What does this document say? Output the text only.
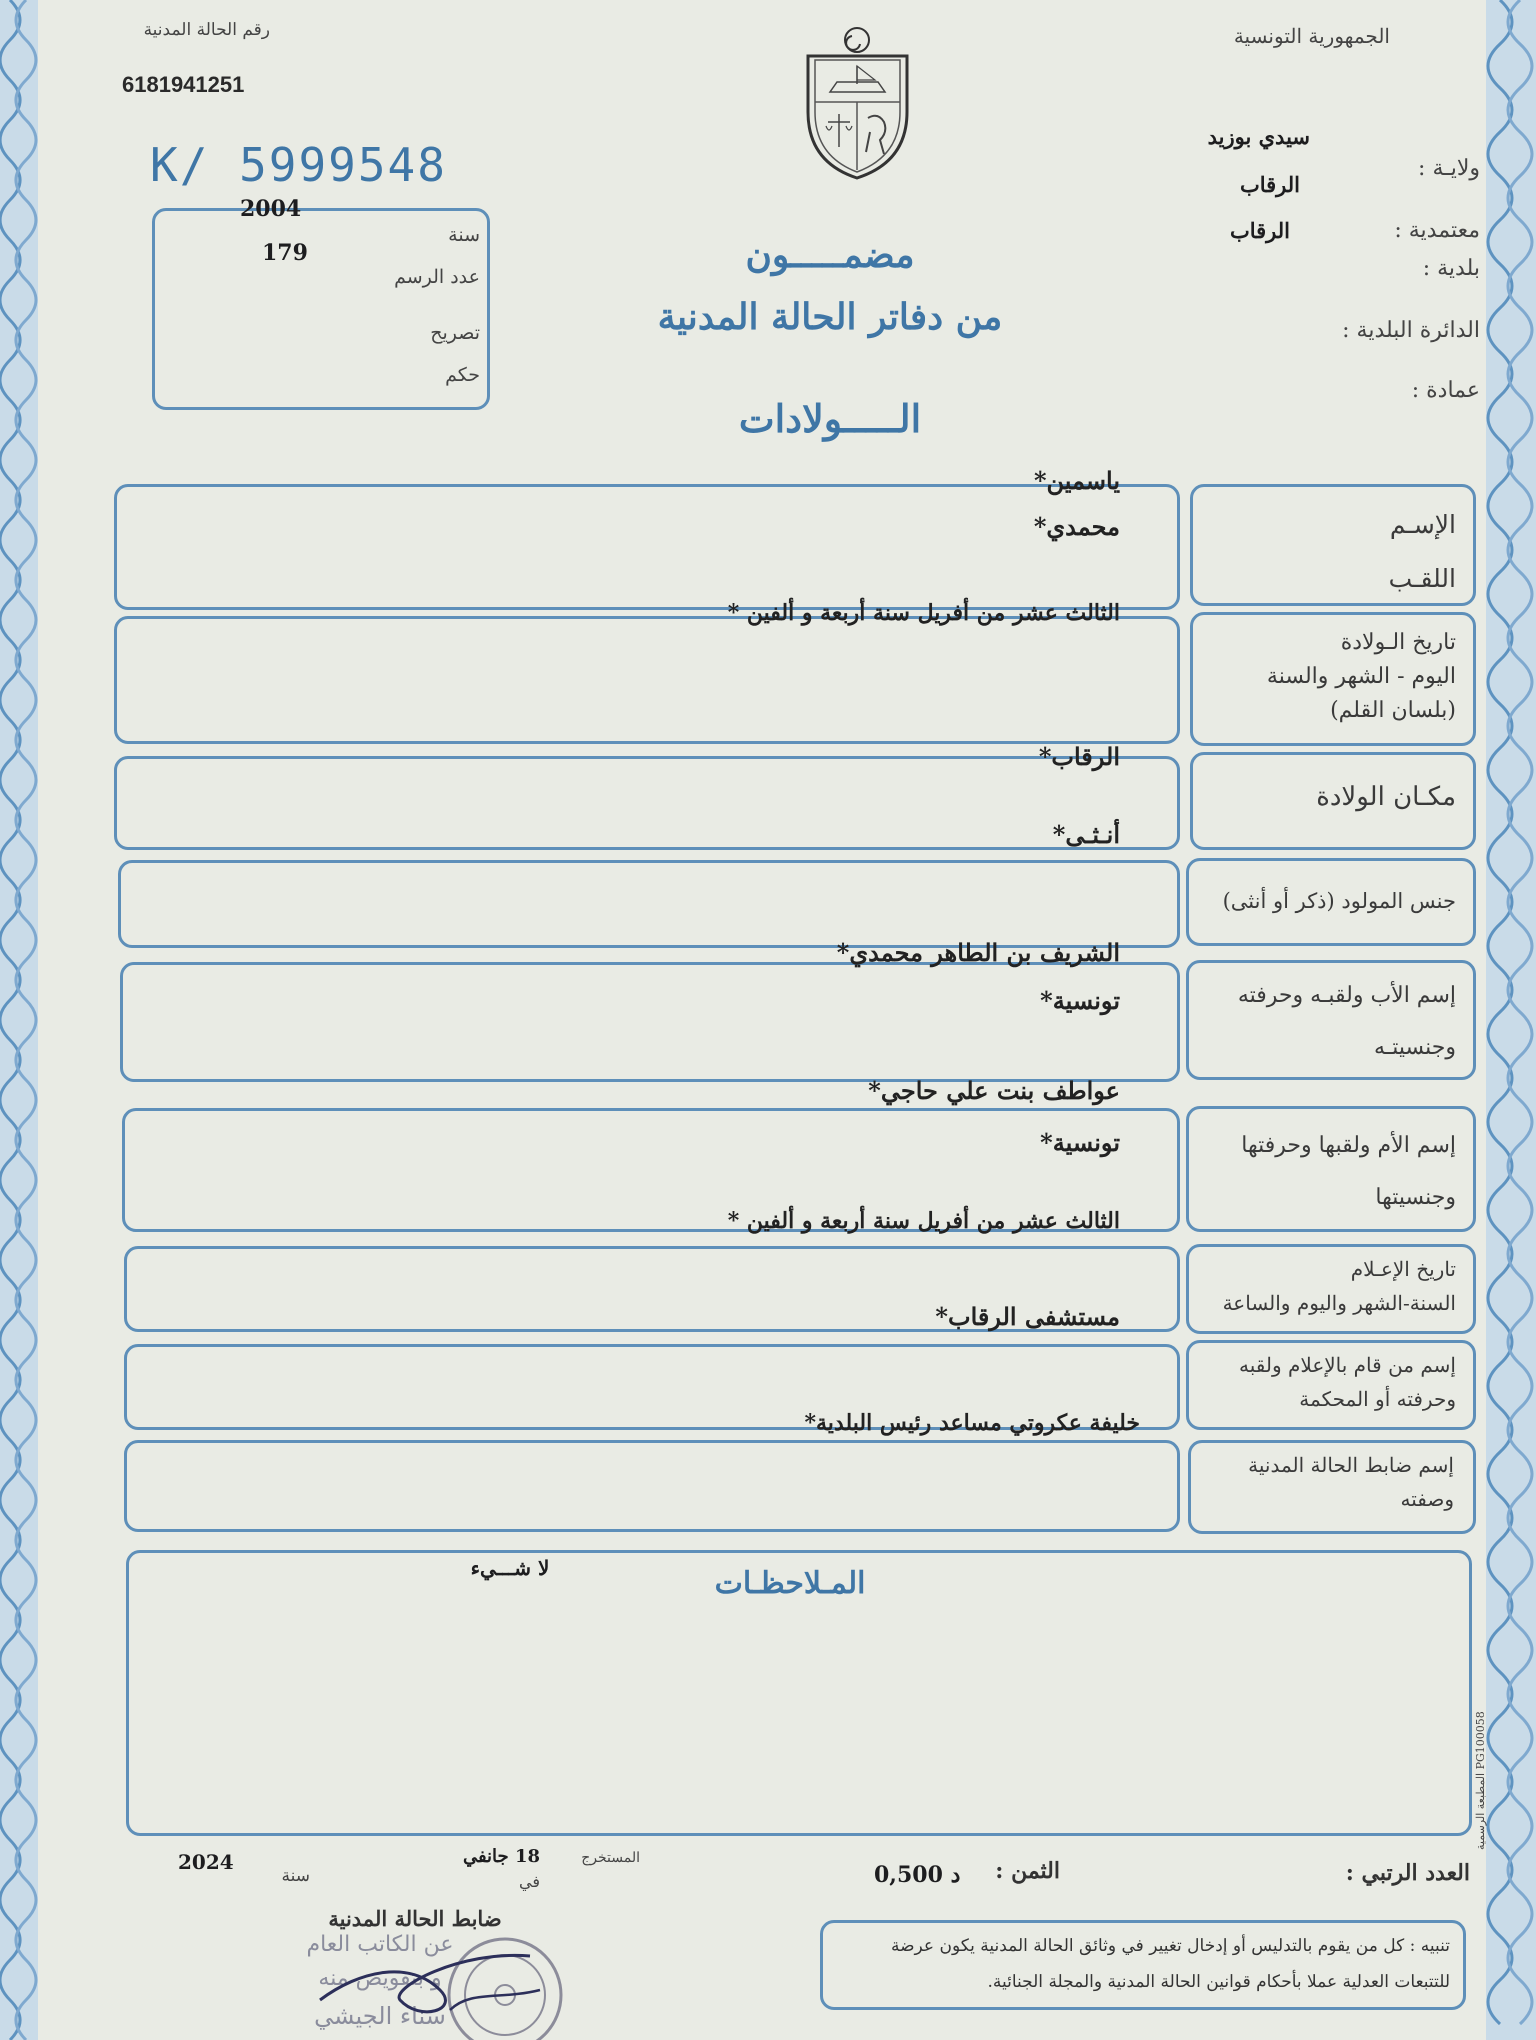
رقم الحالة المدنية
6181941251
K/ 5999548
الجمهورية التونسية
2004
179
سنة
عدد الرسم
تصريح
حكم
ولايـة :
سيدي بوزيد
الرقاب
معتمدية :
الرقاب
بلدية :
الدائرة البلدية :
عمادة :
مضمـــــون
من دفاتر الحالة المدنية
الـــــولادات
الإسـم
اللقـب
ياسمين*
محمدي*
تاريخ الـولادة
اليوم - الشهر والسنة
(بلسان القلم)
الثالث عشر من أفريل سنة أربعة و ألفين *
مكـان الولادة
الرقاب*
جنس المولود (ذكر أو أنثى)
أنـثـى*
إسم الأب ولقبـه وحرفته
وجنسيتـه
الشريف بن الطاهر محمدي*
تونسية*
إسم الأم ولقبها وحرفتها
وجنسيتها
عواطف بنت علي حاجي*
تونسية*
تاريخ الإعـلام
السنة-الشهر واليوم والساعة
الثالث عشر من أفريل سنة أربعة و ألفين *
إسم من قام بالإعلام ولقبه
وحرفته أو المحكمة
مستشفى الرقاب*
إسم ضابط الحالة المدنية
وصفته
خليفة عكروتي مساعد رئيس البلدية*
المـلاحظـات
لا شـــيء
المطبعة الرسمية PG100058
العدد الرتبي :
الثمن :
0,500 د
المستخرج
في
18 جانفي
سنة
2024
ضابط الحالة المدنية
عن الكاتب العام
و بتفويض منه
سناء الجيشي
تنبيه : كل من يقوم بالتدليس أو إدخال تغيير في وثائق الحالة المدنية يكون عرضة للتتبعات العدلية عملا بأحكام قوانين الحالة المدنية والمجلة الجنائية.
